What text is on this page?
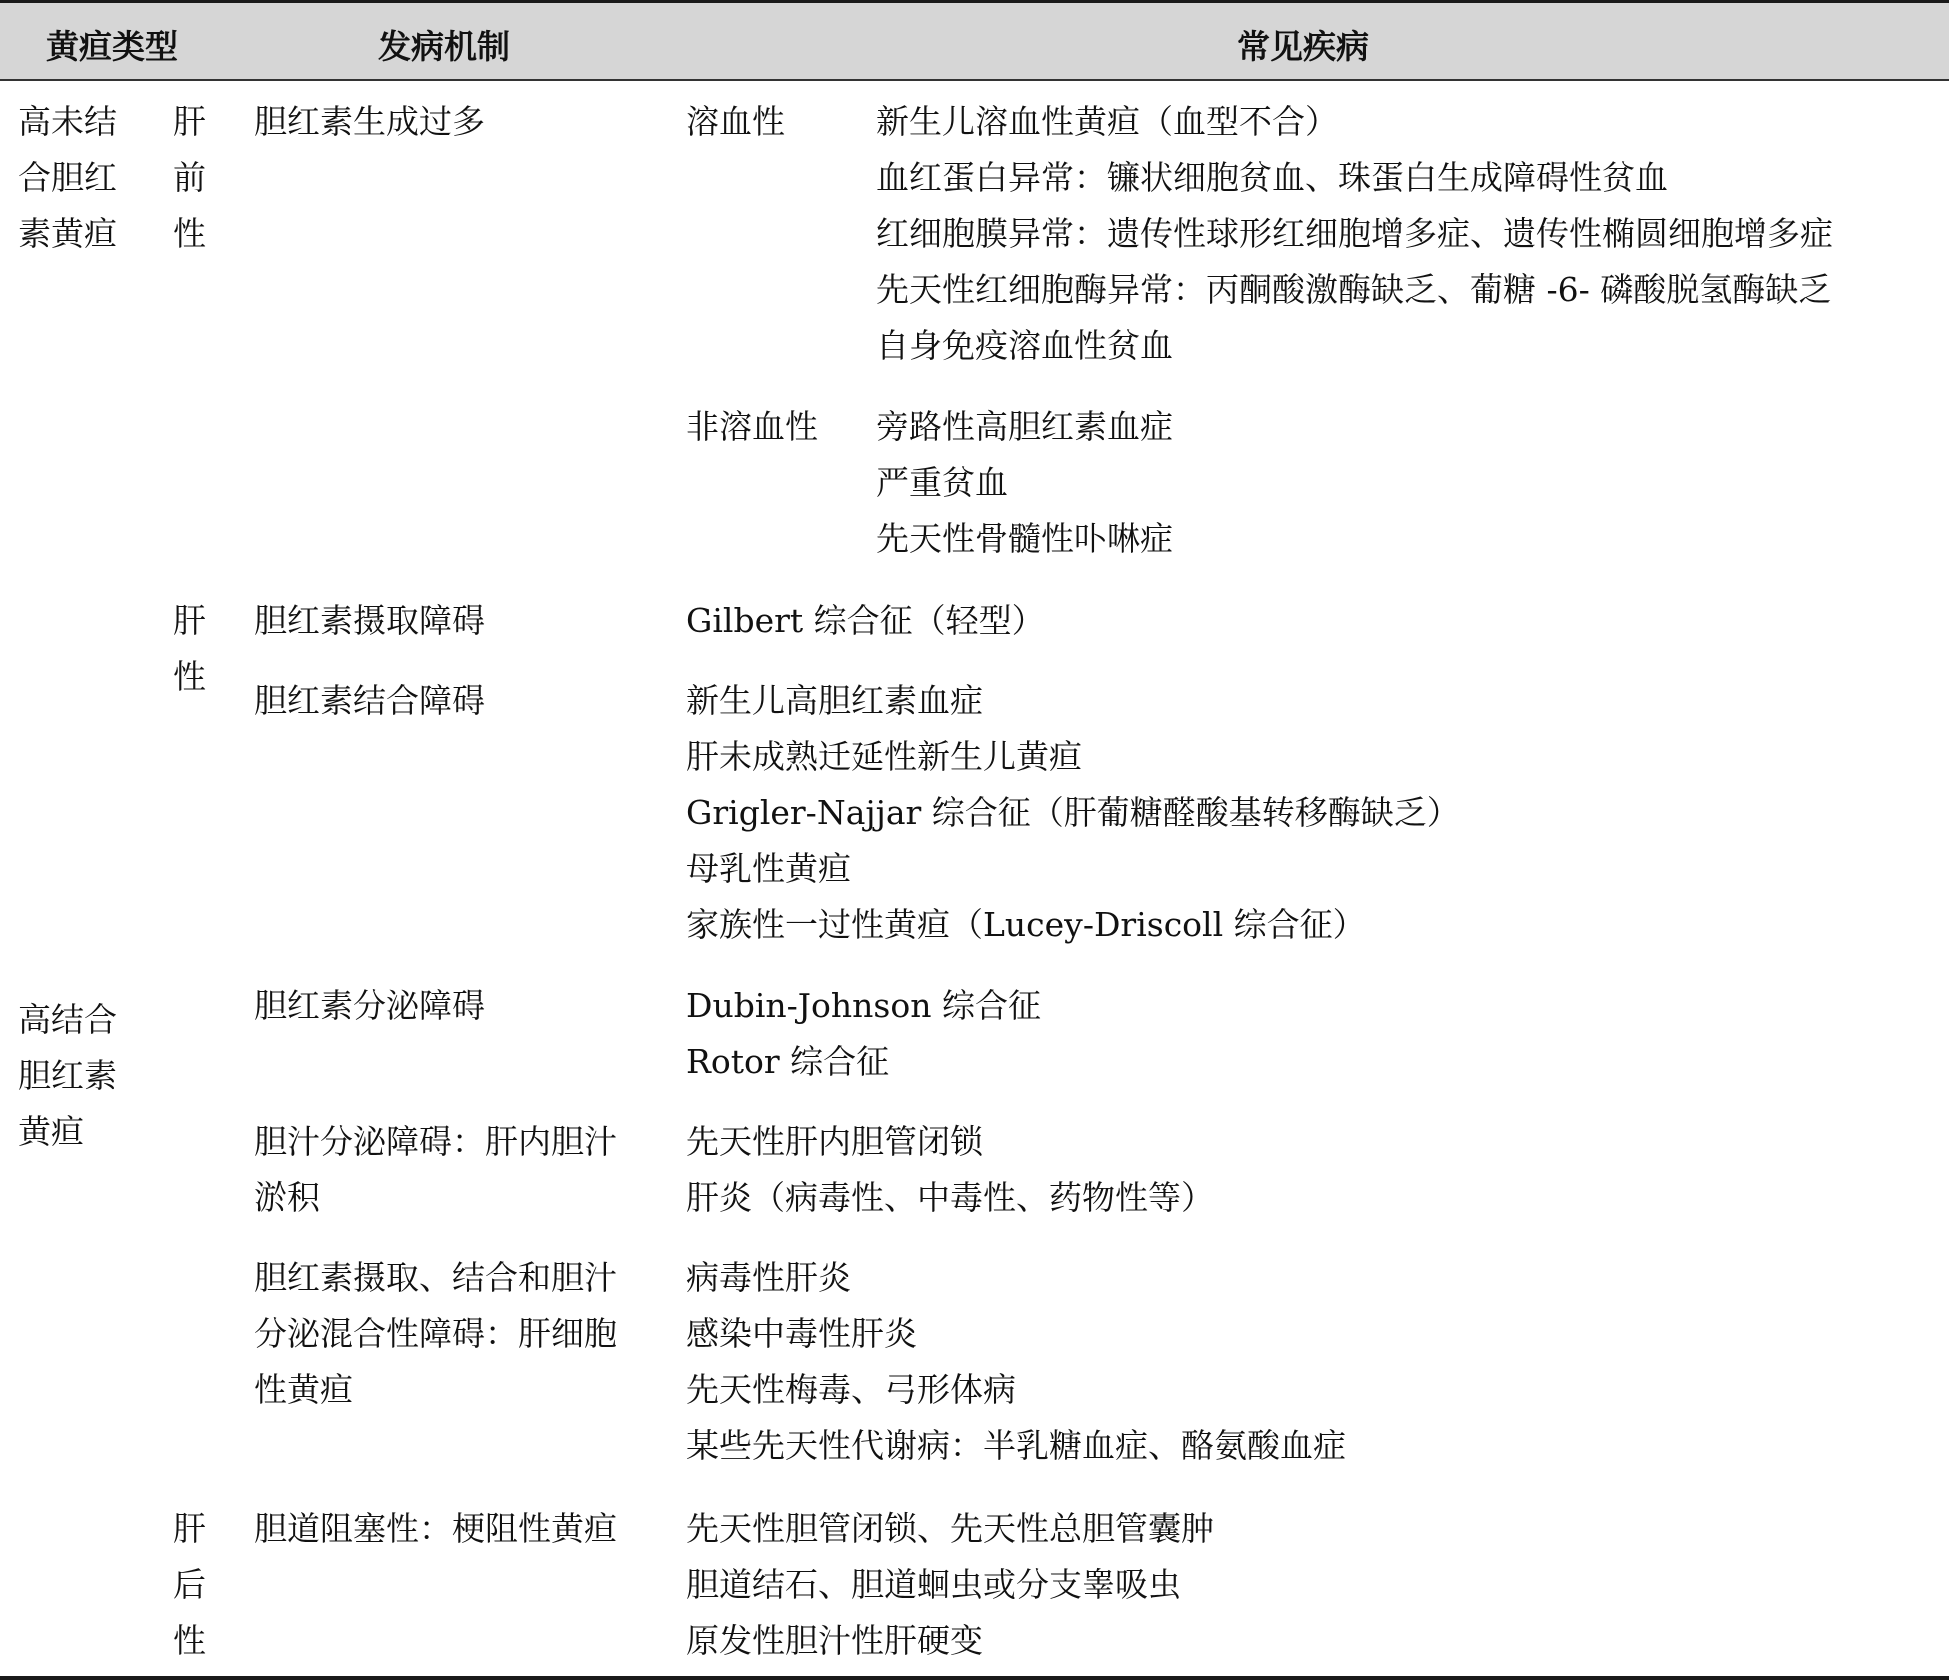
黄疸类型	发病机制	常见疾病
高未结
合胆红
素黄疸
高结合
胆红素
黄疸
肝
前
性
肝
性
肝
后
性
胆红素生成过多
胆红素摄取障碍
胆红素结合障碍
胆红素分泌障碍
胆汁分泌障碍：肝内胆汁
淤积
胆红素摄取、结合和胆汁
分泌混合性障碍：肝细胞
性黄疸
胆道阻塞性：梗阻性黄疸
溶血性
非溶血性
新生儿溶血性黄疸（血型不合）
血红蛋白异常：镰状细胞贫血、珠蛋白生成障碍性贫血
红细胞膜异常：遗传性球形红细胞增多症、遗传性椭圆细胞增多症
先天性红细胞酶异常：丙酮酸激酶缺乏、葡糖 -6- 磷酸脱氢酶缺乏
自身免疫溶血性贫血
旁路性高胆红素血症
严重贫血
先天性骨髓性卟啉症
Gilbert 综合征（轻型）
新生儿高胆红素血症
肝未成熟迁延性新生儿黄疸
Grigler-Najjar 综合征（肝葡糖醛酸基转移酶缺乏）
母乳性黄疸
家族性一过性黄疸（Lucey-Driscoll 综合征）
Dubin-Johnson 综合征
Rotor 综合征
先天性肝内胆管闭锁
肝炎（病毒性、中毒性、药物性等）
病毒性肝炎
感染中毒性肝炎
先天性梅毒、弓形体病
某些先天性代谢病：半乳糖血症、酪氨酸血症
先天性胆管闭锁、先天性总胆管囊肿
胆道结石、胆道蛔虫或分支睾吸虫
原发性胆汁性肝硬变
